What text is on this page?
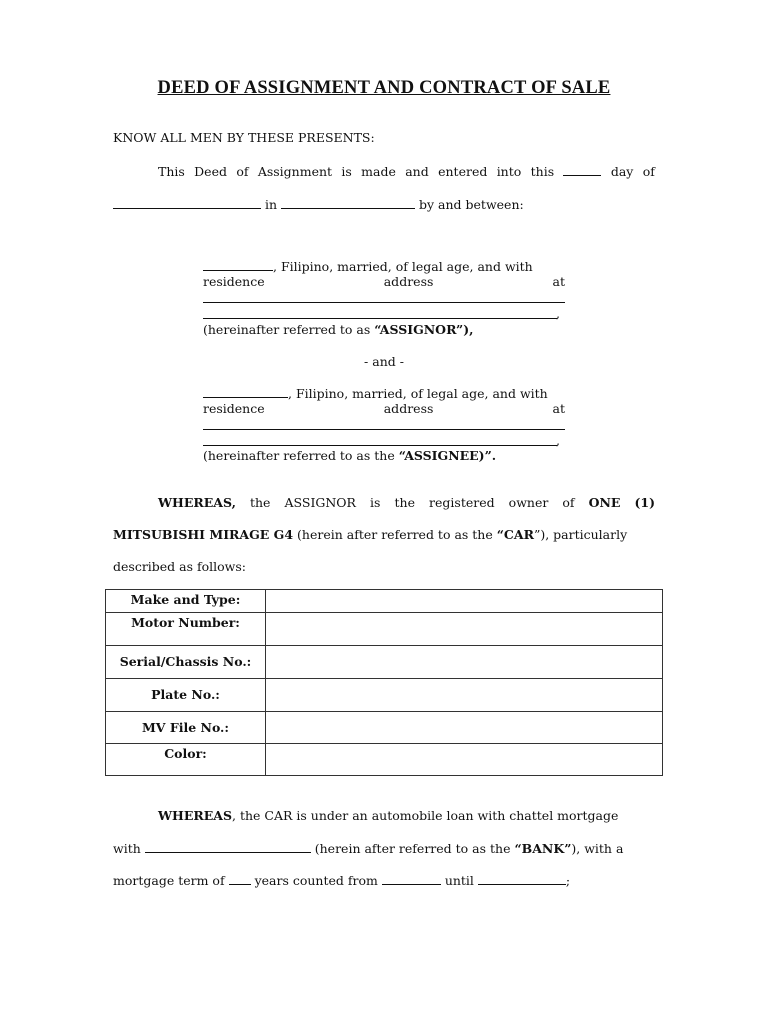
DEED OF ASSIGNMENT AND CONTRACT OF SALE
KNOW ALL MEN BY THESE PRESENTS:
This Deed of Assignment is made and entered into this	day of
in	by and between:
, Filipino, married, of legal age, and with
residence	address	at
,
(hereinafter referred to as “ASSIGNOR”),
- and -
, Filipino, married, of legal age, and with
residence	address	at
,
(hereinafter referred to as the “ASSIGNEE)”.
WHEREAS, the ASSIGNOR is the registered owner of ONE (1)
MITSUBISHI MIRAGE G4 (herein after referred to as the “CAR”), particularly
described as follows:
Make and Type:	
Motor Number:	
Serial/Chassis No.:	
Plate No.:	
MV File No.:	
Color:	
WHEREAS, the CAR is under an automobile loan with chattel mortgage
with	(herein after referred to as the “BANK”), with a
mortgage term of years counted from	until	;
